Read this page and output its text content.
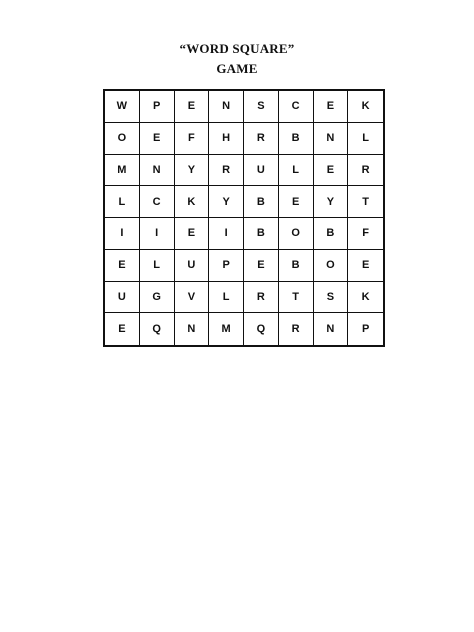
“WORD SQUARE”
GAME
W	P	E	N	S	C	E	K
O	E	F	H	R	B	N	L
M	N	Y	R	U	L	E	R
L	C	K	Y	B	E	Y	T
I	I	E	I	B	O	B	F
E	L	U	P	E	B	O	E
U	G	V	L	R	T	S	K
E	Q	N	M	Q	R	N	P
